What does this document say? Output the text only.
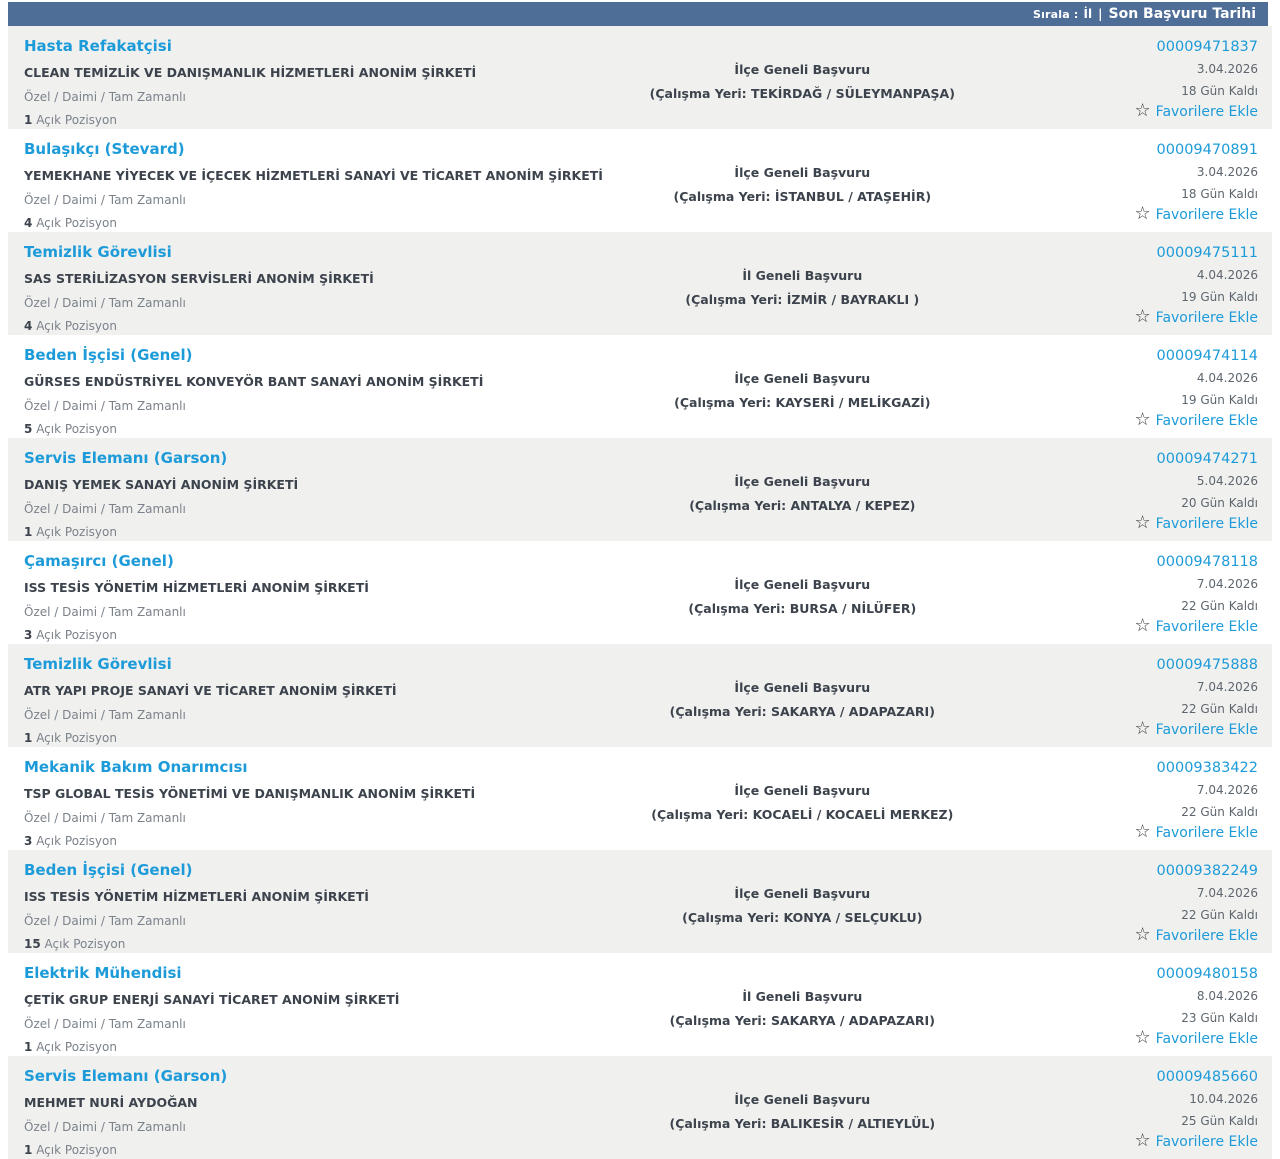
Sırala : İl | Son Başvuru Tarihi
Hasta Refakatçisi
CLEAN TEMİZLİK VE DANIŞMANLIK HİZMETLERİ ANONİM ŞİRKETİ
Özel / Daimi / Tam Zamanlı
1 Açık Pozisyon
İlçe Geneli Başvuru
(Çalışma Yeri: TEKİRDAĞ / SÜLEYMANPAŞA)
00009471837
3.04.2026
18 Gün Kaldı
☆ Favorilere Ekle
Bulaşıkçı (Stevard)
YEMEKHANE YİYECEK VE İÇECEK HİZMETLERİ SANAYİ VE TİCARET ANONİM ŞİRKETİ
Özel / Daimi / Tam Zamanlı
4 Açık Pozisyon
İlçe Geneli Başvuru
(Çalışma Yeri: İSTANBUL / ATAŞEHİR)
00009470891
3.04.2026
18 Gün Kaldı
☆ Favorilere Ekle
Temizlik Görevlisi
SAS STERİLİZASYON SERVİSLERİ ANONİM ŞİRKETİ
Özel / Daimi / Tam Zamanlı
4 Açık Pozisyon
İl Geneli Başvuru
(Çalışma Yeri: İZMİR / BAYRAKLI )
00009475111
4.04.2026
19 Gün Kaldı
☆ Favorilere Ekle
Beden İşçisi (Genel)
GÜRSES ENDÜSTRİYEL KONVEYÖR BANT SANAYİ ANONİM ŞİRKETİ
Özel / Daimi / Tam Zamanlı
5 Açık Pozisyon
İlçe Geneli Başvuru
(Çalışma Yeri: KAYSERİ / MELİKGAZİ)
00009474114
4.04.2026
19 Gün Kaldı
☆ Favorilere Ekle
Servis Elemanı (Garson)
DANIŞ YEMEK SANAYİ ANONİM ŞİRKETİ
Özel / Daimi / Tam Zamanlı
1 Açık Pozisyon
İlçe Geneli Başvuru
(Çalışma Yeri: ANTALYA / KEPEZ)
00009474271
5.04.2026
20 Gün Kaldı
☆ Favorilere Ekle
Çamaşırcı (Genel)
ISS TESİS YÖNETİM HİZMETLERİ ANONİM ŞİRKETİ
Özel / Daimi / Tam Zamanlı
3 Açık Pozisyon
İlçe Geneli Başvuru
(Çalışma Yeri: BURSA / NİLÜFER)
00009478118
7.04.2026
22 Gün Kaldı
☆ Favorilere Ekle
Temizlik Görevlisi
ATR YAPI PROJE SANAYİ VE TİCARET ANONİM ŞİRKETİ
Özel / Daimi / Tam Zamanlı
1 Açık Pozisyon
İlçe Geneli Başvuru
(Çalışma Yeri: SAKARYA / ADAPAZARI)
00009475888
7.04.2026
22 Gün Kaldı
☆ Favorilere Ekle
Mekanik Bakım Onarımcısı
TSP GLOBAL TESİS YÖNETİMİ VE DANIŞMANLIK ANONİM ŞİRKETİ
Özel / Daimi / Tam Zamanlı
3 Açık Pozisyon
İlçe Geneli Başvuru
(Çalışma Yeri: KOCAELİ / KOCAELİ MERKEZ)
00009383422
7.04.2026
22 Gün Kaldı
☆ Favorilere Ekle
Beden İşçisi (Genel)
ISS TESİS YÖNETİM HİZMETLERİ ANONİM ŞİRKETİ
Özel / Daimi / Tam Zamanlı
15 Açık Pozisyon
İlçe Geneli Başvuru
(Çalışma Yeri: KONYA / SELÇUKLU)
00009382249
7.04.2026
22 Gün Kaldı
☆ Favorilere Ekle
Elektrik Mühendisi
ÇETİK GRUP ENERJİ SANAYİ TİCARET ANONİM ŞİRKETİ
Özel / Daimi / Tam Zamanlı
1 Açık Pozisyon
İl Geneli Başvuru
(Çalışma Yeri: SAKARYA / ADAPAZARI)
00009480158
8.04.2026
23 Gün Kaldı
☆ Favorilere Ekle
Servis Elemanı (Garson)
MEHMET NURİ AYDOĞAN
Özel / Daimi / Tam Zamanlı
1 Açık Pozisyon
İlçe Geneli Başvuru
(Çalışma Yeri: BALIKESİR / ALTIEYLÜL)
00009485660
10.04.2026
25 Gün Kaldı
☆ Favorilere Ekle
